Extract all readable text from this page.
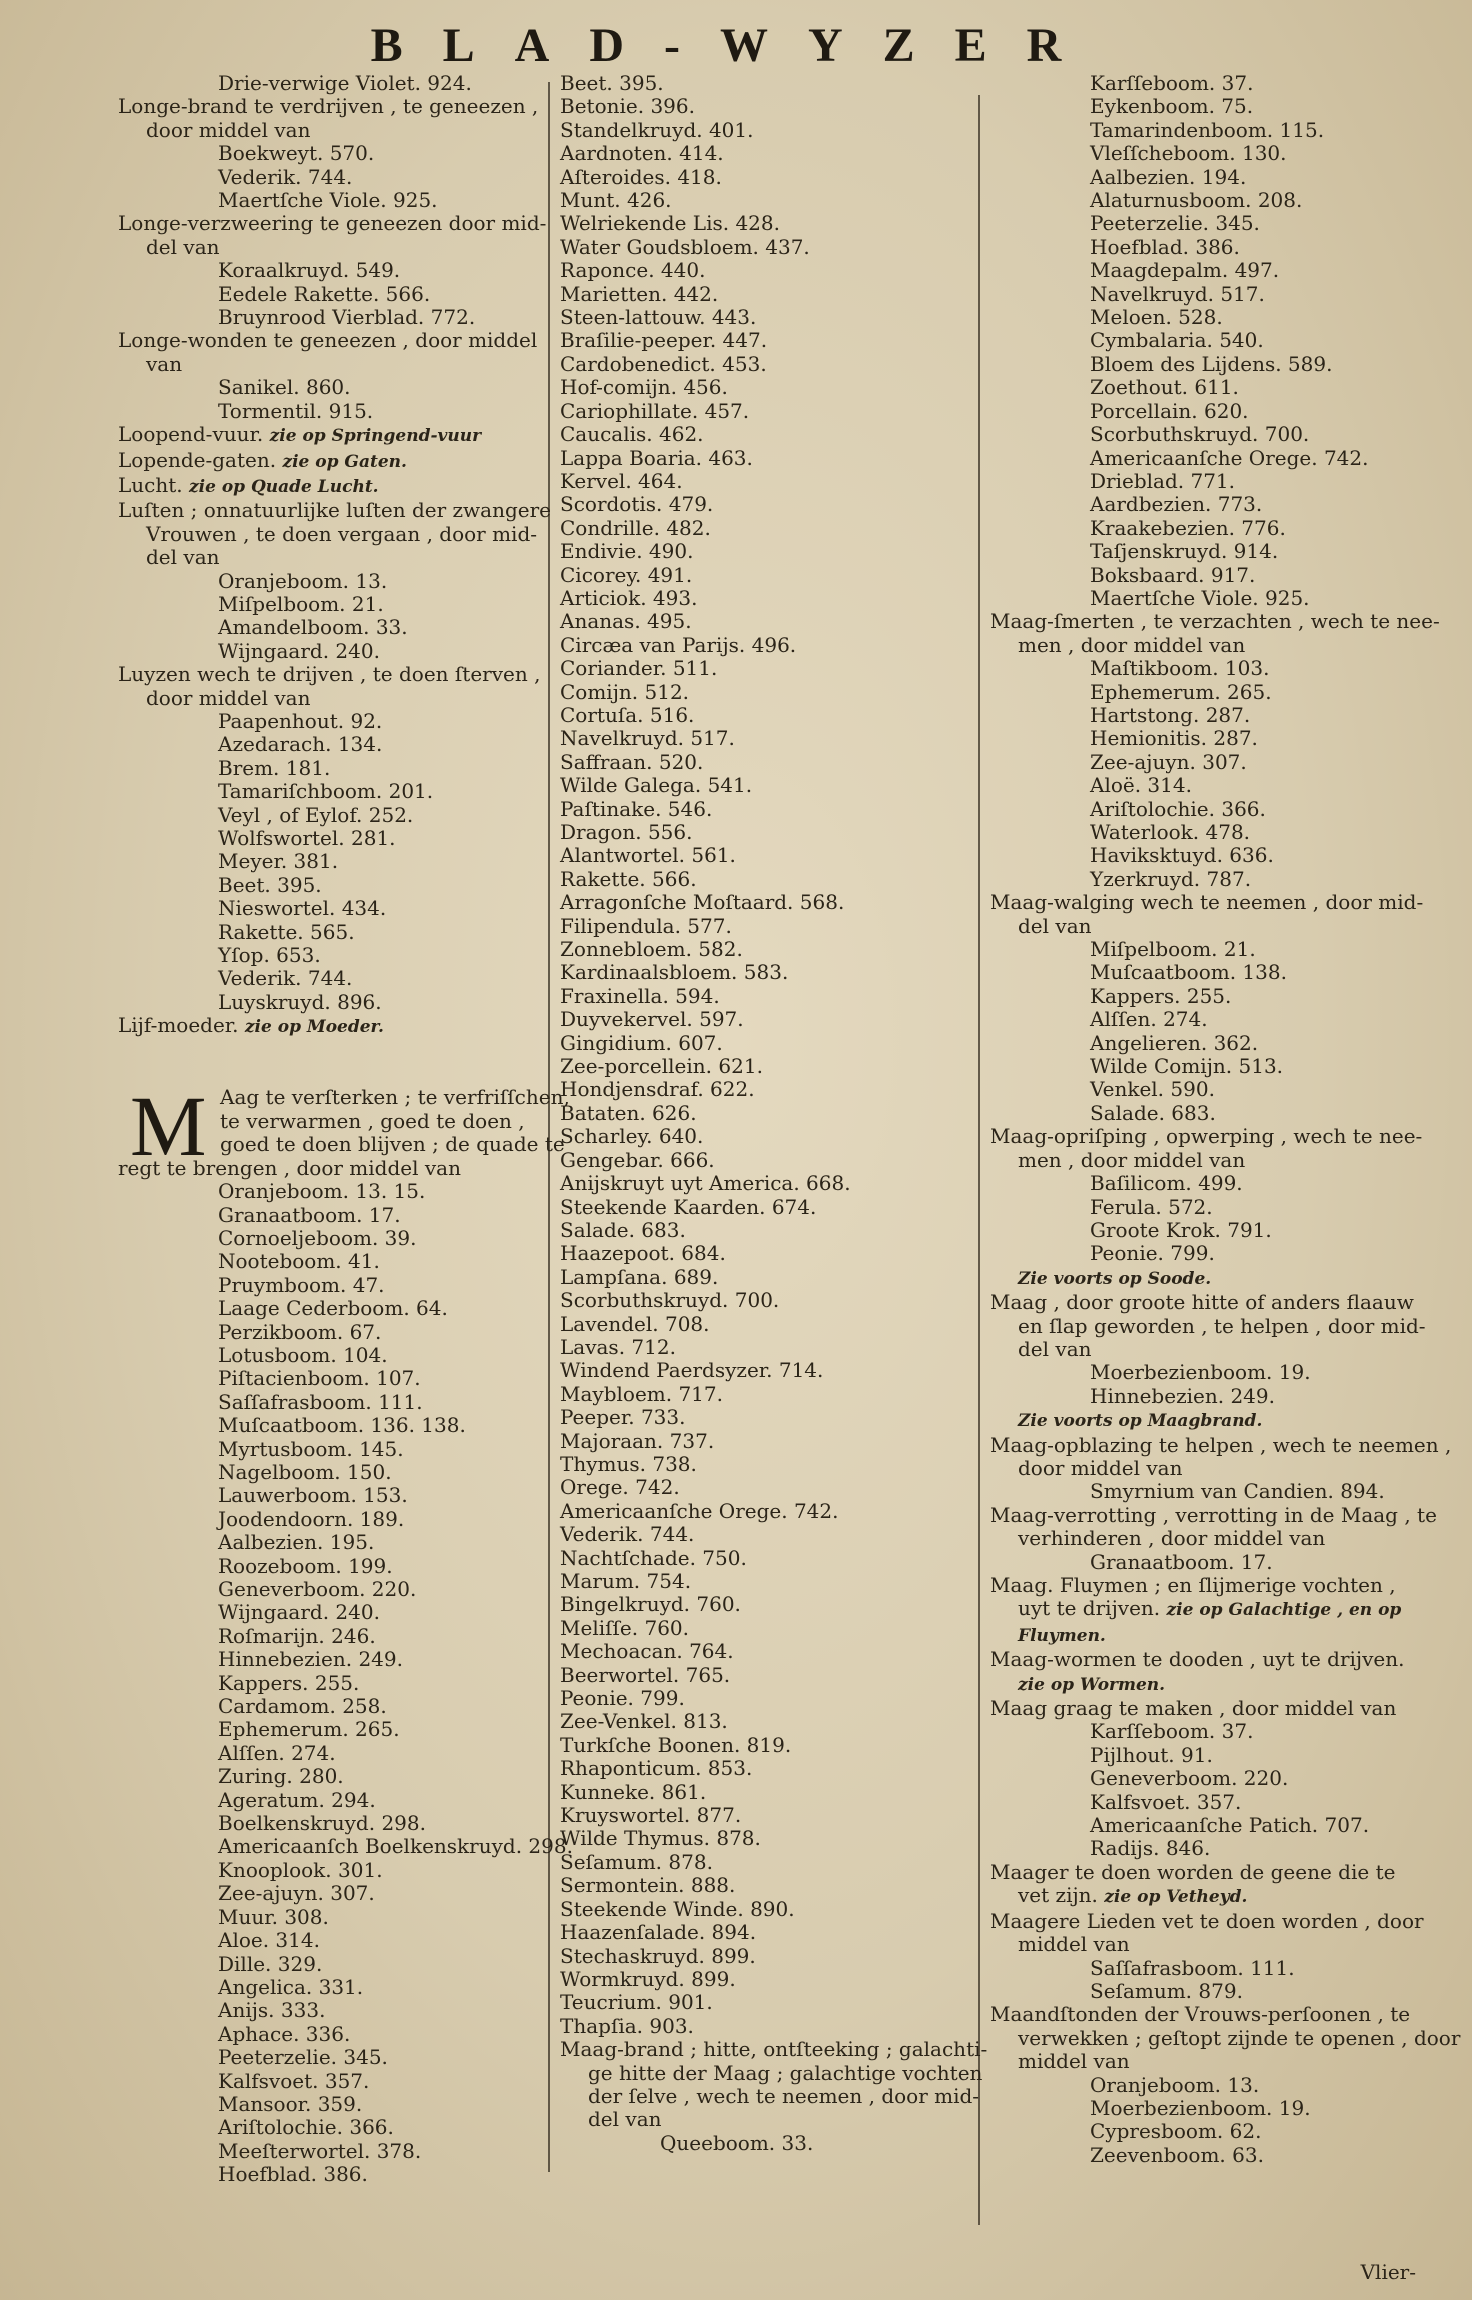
BLAD-WYZER
Drie-verwige Violet. 924.
Longe-brand te verdrijven , te geneezen ,
door middel van
Boekweyt. 570.
Vederik. 744.
Maertſche Viole. 925.
Longe-verzweering te geneezen door mid-
del van
Koraalkruyd. 549.
Eedele Rakette. 566.
Bruynrood Vierblad. 772.
Longe-wonden te geneezen , door middel
van
Sanikel. 860.
Tormentil. 915.
Loopend-vuur. zie op Springend-vuur
Lopende-gaten. zie op Gaten.
Lucht. zie op Quade Lucht.
Luſten ; onnatuurlijke luſten der zwangere
Vrouwen , te doen vergaan , door mid-
del van
Oranjeboom. 13.
Miſpelboom. 21.
Amandelboom. 33.
Wijngaard. 240.
Luyzen wech te drijven , te doen ſterven ,
door middel van
Paapenhout. 92.
Azedarach. 134.
Brem. 181.
Tamariſchboom. 201.
Veyl , of Eylof. 252.
Wolfswortel. 281.
Meyer. 381.
Beet. 395.
Nieswortel. 434.
Rakette. 565.
Yſop. 653.
Vederik. 744.
Luyskruyd. 896.
Lijf-moeder. zie op Moeder.

M Aag te verſterken ; te verfriſſchen,
te verwarmen , goed te doen ,
goed te doen blijven ; de quade te
regt te brengen , door middel van
Oranjeboom. 13. 15.
Granaatboom. 17.
Cornoeljeboom. 39.
Nooteboom. 41.
Pruymboom. 47.
Laage Cederboom. 64.
Perzikboom. 67.
Lotusboom. 104.
Piſtacienboom. 107.
Saſſafrasboom. 111.
Muſcaatboom. 136. 138.
Myrtusboom. 145.
Nagelboom. 150.
Lauwerboom. 153.
Joodendoorn. 189.
Aalbezien. 195.
Roozeboom. 199.
Geneverboom. 220.
Wijngaard. 240.
Roſmarijn. 246.
Hinnebezien. 249.
Kappers. 255.
Cardamom. 258.
Ephemerum. 265.
Alſſen. 274.
Zuring. 280.
Ageratum. 294.
Boelkenskruyd. 298.
Americaanſch Boelkenskruyd. 298.
Knooplook. 301.
Zee-ajuyn. 307.
Muur. 308.
Aloe. 314.
Dille. 329.
Angelica. 331.
Anijs. 333.
Aphace. 336.
Peeterzelie. 345.
Kalfsvoet. 357.
Mansoor. 359.
Ariſtolochie. 366.
Meeſterwortel. 378.
Hoefblad. 386.
Beet. 395.
Betonie. 396.
Standelkruyd. 401.
Aardnoten. 414.
Aſteroides. 418.
Munt. 426.
Welriekende Lis. 428.
Water Goudsbloem. 437.
Raponce. 440.
Marietten. 442.
Steen-lattouw. 443.
Braſilie-peeper. 447.
Cardobenedict. 453.
Hof-comijn. 456.
Cariophillate. 457.
Caucalis. 462.
Lappa Boaria. 463.
Kervel. 464.
Scordotis. 479.
Condrille. 482.
Endivie. 490.
Cicorey. 491.
Articiok. 493.
Ananas. 495.
Circæa van Parijs. 496.
Coriander. 511.
Comijn. 512.
Cortuſa. 516.
Navelkruyd. 517.
Saffraan. 520.
Wilde Galega. 541.
Paſtinake. 546.
Dragon. 556.
Alantwortel. 561.
Rakette. 566.
Arragonſche Moſtaard. 568.
Filipendula. 577.
Zonnebloem. 582.
Kardinaalsbloem. 583.
Fraxinella. 594.
Duyvekervel. 597.
Gingidium. 607.
Zee-porcellein. 621.
Hondjensdraf. 622.
Bataten. 626.
Scharley. 640.
Gengebar. 666.
Anijskruyt uyt America. 668.
Steekende Kaarden. 674.
Salade. 683.
Haazepoot. 684.
Lampſana. 689.
Scorbuthskruyd. 700.
Lavendel. 708.
Lavas. 712.
Windend Paerdsyzer. 714.
Maybloem. 717.
Peeper. 733.
Majoraan. 737.
Thymus. 738.
Orege. 742.
Americaanſche Orege. 742.
Vederik. 744.
Nachtſchade. 750.
Marum. 754.
Bingelkruyd. 760.
Meliſſe. 760.
Mechoacan. 764.
Beerwortel. 765.
Peonie. 799.
Zee-Venkel. 813.
Turkſche Boonen. 819.
Rhaponticum. 853.
Kunneke. 861.
Kruyswortel. 877.
Wilde Thymus. 878.
Seſamum. 878.
Sermontein. 888.
Steekende Winde. 890.
Haazenſalade. 894.
Stechaskruyd. 899.
Wormkruyd. 899.
Teucrium. 901.
Thapſia. 903.
Maag-brand ; hitte, ontſteeking ; galachti-
ge hitte der Maag ; galachtige vochten
der ſelve , wech te neemen , door mid-
del van
Queeboom. 33.
Karſſeboom. 37.
Eykenboom. 75.
Tamarindenboom. 115.
Vleſſcheboom. 130.
Aalbezien. 194.
Alaturnusboom. 208.
Peeterzelie. 345.
Hoefblad. 386.
Maagdepalm. 497.
Navelkruyd. 517.
Meloen. 528.
Cymbalaria. 540.
Bloem des Lijdens. 589.
Zoethout. 611.
Porcellain. 620.
Scorbuthskruyd. 700.
Americaanſche Orege. 742.
Drieblad. 771.
Aardbezien. 773.
Kraakebezien. 776.
Taſjenskruyd. 914.
Boksbaard. 917.
Maertſche Viole. 925.
Maag-ſmerten , te verzachten , wech te nee-
men , door middel van
Maſtikboom. 103.
Ephemerum. 265.
Hartstong. 287.
Hemionitis. 287.
Zee-ajuyn. 307.
Aloë. 314.
Ariſtolochie. 366.
Waterlook. 478.
Haviksktuyd. 636.
Yzerkruyd. 787.
Maag-walging wech te neemen , door mid-
del van
Miſpelboom. 21.
Muſcaatboom. 138.
Kappers. 255.
Alſſen. 274.
Angelieren. 362.
Wilde Comijn. 513.
Venkel. 590.
Salade. 683.
Maag-opriſping , opwerping , wech te nee-
men , door middel van
Baſilicom. 499.
Ferula. 572.
Groote Krok. 791.
Peonie. 799.
Zie voorts op Soode.
Maag , door groote hitte of anders flaauw
en ſlap geworden , te helpen , door mid-
del van
Moerbezienboom. 19.
Hinnebezien. 249.
Zie voorts op Maagbrand.
Maag-opblazing te helpen , wech te neemen ,
door middel van
Smyrnium van Candien. 894.
Maag-verrotting , verrotting in de Maag , te
verhinderen , door middel van
Granaatboom. 17.
Maag. Fluymen ; en ſlijmerige vochten ,
uyt te drijven. zie op Galachtige , en op
Fluymen.
Maag-wormen te dooden , uyt te drijven.
zie op Wormen.
Maag graag te maken , door middel van
Karſſeboom. 37.
Pijlhout. 91.
Geneverboom. 220.
Kalfsvoet. 357.
Americaanſche Patich. 707.
Radijs. 846.
Maager te doen worden de geene die te
vet zijn. zie op Vetheyd.
Maagere Lieden vet te doen worden , door
middel van
Saſſafrasboom. 111.
Seſamum. 879.
Maandſtonden der Vrouws-perſoonen , te
verwekken ; geſtopt zijnde te openen , door
middel van
Oranjeboom. 13.
Moerbezienboom. 19.
Cypresboom. 62.
Zeevenboom. 63.
Vlier-
